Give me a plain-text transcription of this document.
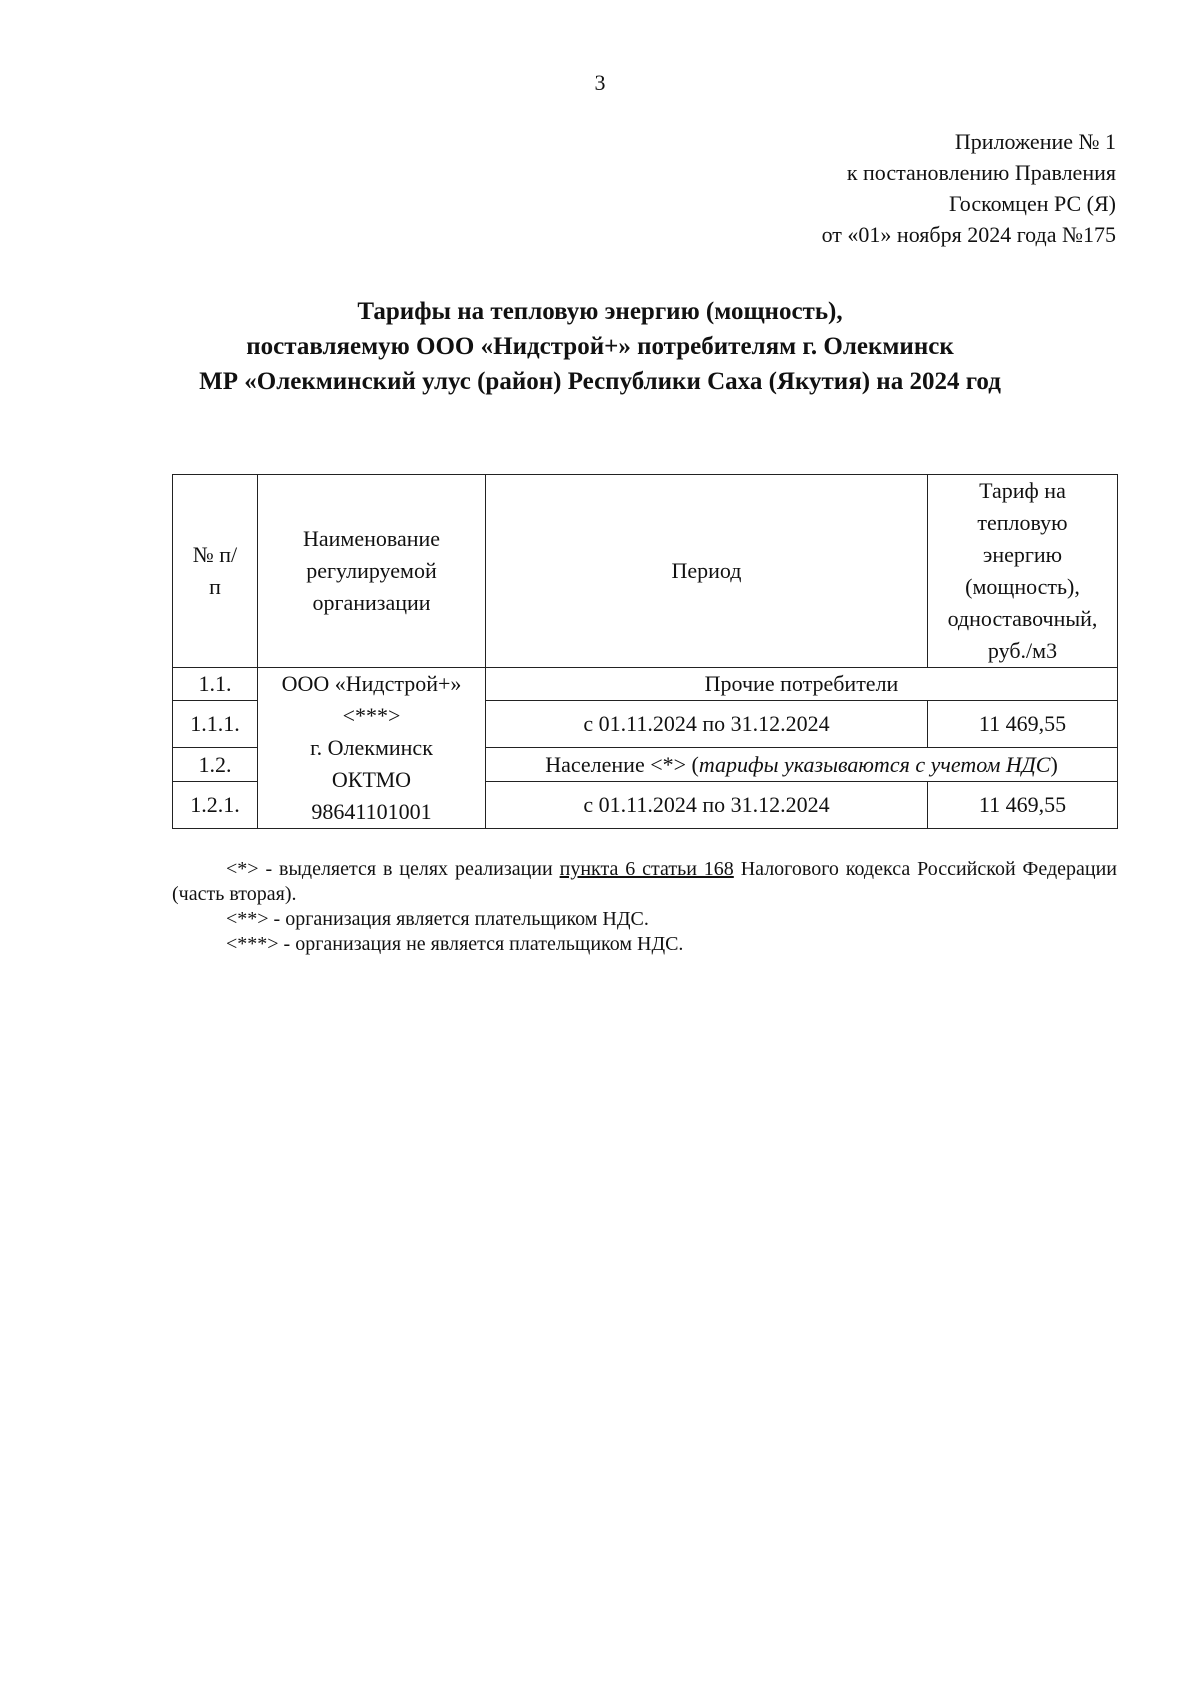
3
Приложение № 1
к постановлению Правления
Госкомцен РС (Я)
от «01» ноября 2024 года №175
Тарифы на тепловую энергию (мощность),
поставляемую ООО «Нидстрой+» потребителям г. Олекминск
МР «Олекминский улус (район) Республики Саха (Якутия) на 2024 год
№ п/п	Наименование регулируемой организации	Период	Тариф на тепловую энергию (мощность), одноставочный, руб./м3
1.1.	ООО «Нидстрой+»
<***>
г. Олекминск
ОКТМО
98641101001	Прочие потребители	
1.1.1.		с 01.11.2024 по 31.12.2024	11 469,55
1.2.		Население <*> (тарифы указываются с учетом НДС)	
1.2.1.		с 01.11.2024 по 31.12.2024	11 469,55

<*> - выделяется в целях реализации пункта 6 статьи 168 Налогового кодекса Российской Федерации (часть вторая).

<**> - организация является плательщиком НДС.

<***> - организация не является плательщиком НДС.
